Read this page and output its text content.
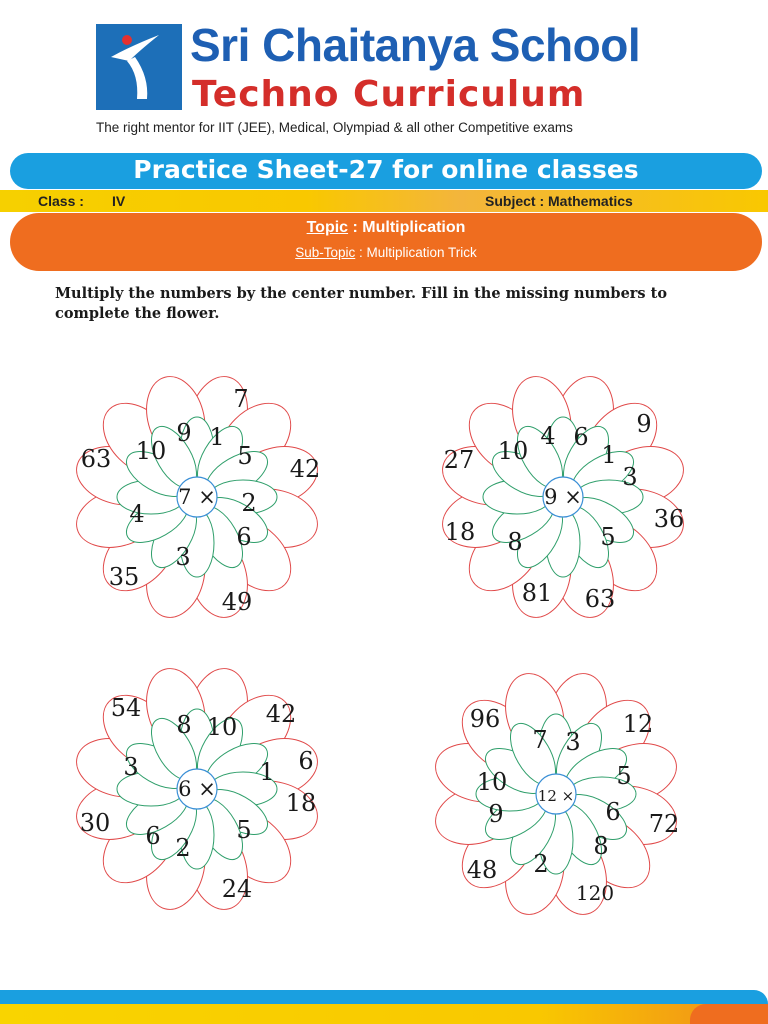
Sri Chaitanya School
Techno Curriculum
The right mentor for IIT (JEE), Medical, Olympiad & all other Competitive exams
Practice Sheet-27 for online classes
Class : IV	Subject : Mathematics
Topic : Multiplication
Sub-Topic : Multiplication Trick
Multiply the numbers by the center number. Fill in the missing numbers to complete the flower.
7 ×
9 1
5
2
6
3
4
10
7
42
49
35
63
9 ×
4 6
1
3
5
8
18
10
9
36
63
81
27
6 ×
8 10
1
5
2
6
3
42
6
18
24
30
54
12 ×
7 3
5
6
8
2
9
10
12
72
120
48
96
